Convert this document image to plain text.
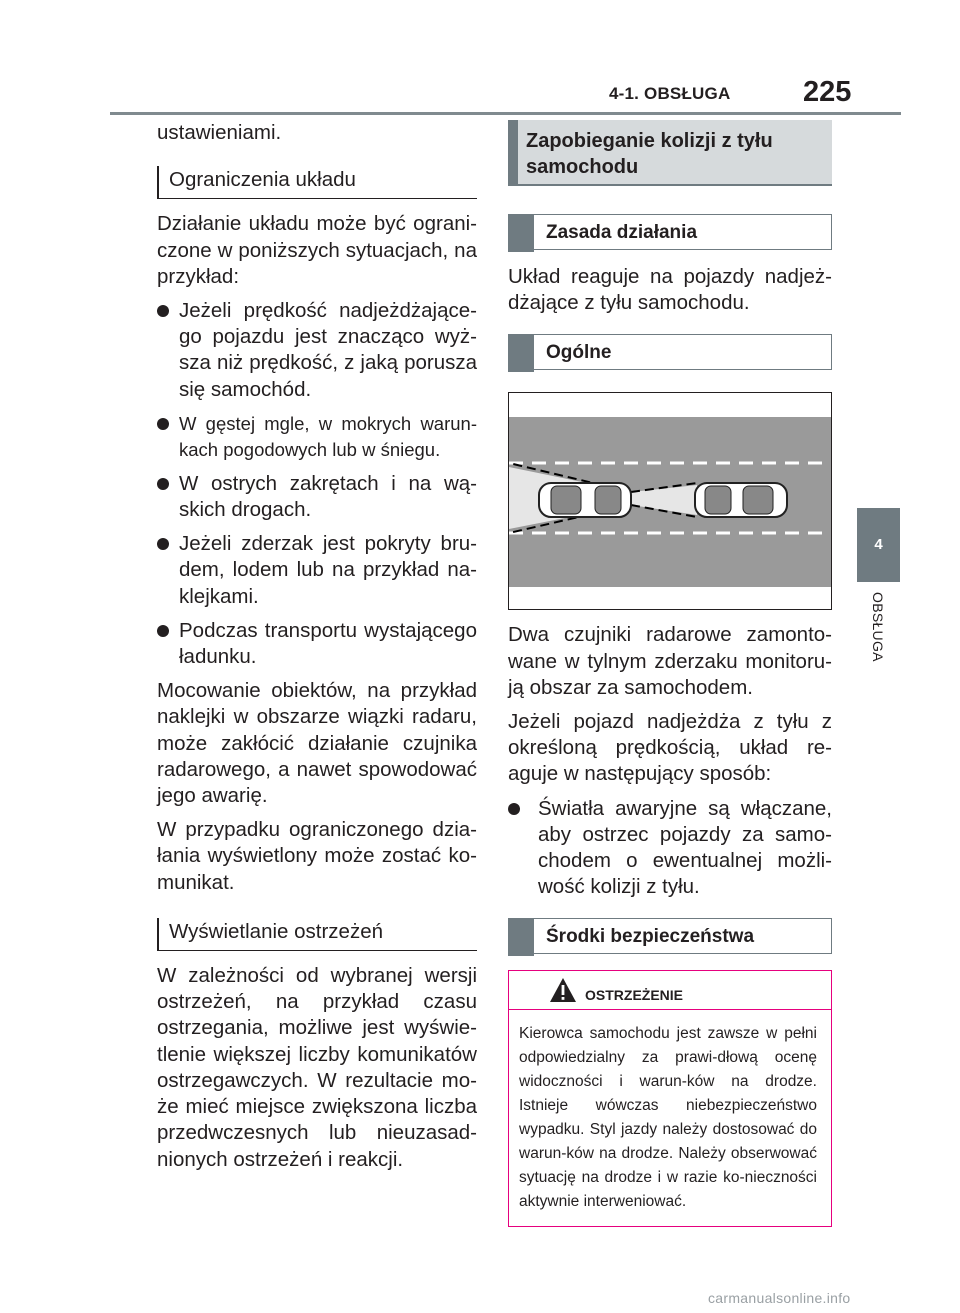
4-1. OBSŁUGA	225
4
OBSŁUGA

ustawieniami.

Ograniczenia układu

Działanie układu może być ograni-czone w poniższych sytuacjach, na przykład:

Jeżeli prędkość nadjeżdżające-go pojazdu jest znacząco wyż-sza niż prędkość, z jaką porusza się samochód.
W gęstej mgle, w mokrych warun-kach pogodowych lub w śniegu.
W ostrych zakrętach i na wą-skich drogach.
Jeżeli zderzak jest pokryty bru-dem, lodem lub na przykład na-klejkami.
Podczas transportu wystającego ładunku.

Mocowanie obiektów, na przykład naklejki w obszarze wiązki radaru, może zakłócić działanie czujnika radarowego, a nawet spowodować jego awarię.

W przypadku ograniczonego dzia-łania wyświetlony może zostać ko-munikat.

Wyświetlanie ostrzeżeń

W zależności od wybranej wersji ostrzeżeń, na przykład czasu ostrzegania, możliwe jest wyświe-tlenie większej liczby komunikatów ostrzegawczych. W rezultacie mo-że mieć miejsce zwiększona liczba przedwczesnych lub nieuzasad-nionych ostrzeżeń i reakcji.

Zapobieganie kolizji z tyłu samochodu
Zasada działania

Układ reaguje na pojazdy nadjeż-dżające z tyłu samochodu.

Ogólne

Dwa czujniki radarowe zamonto-wane w tylnym zderzaku monitoru-ją obszar za samochodem.

Jeżeli pojazd nadjeżdża z tyłu z określoną prędkością, układ re-aguje w następujący sposób:

Światła awaryjne są włączane, aby ostrzec pojazdy za samo-chodem o ewentualnej możli-wość kolizji z tyłu.
Środki bezpieczeństwa
OSTRZEŻENIE
Kierowca samochodu jest zawsze w pełni odpowiedzialny za prawi-dłową ocenę widoczności i warun-ków na drodze. Istnieje wówczas niebezpieczeństwo wypadku. Styl jazdy należy dostosować do warun-ków na drodze. Należy obserwować sytuację na drodze i w razie ko-nieczności aktywnie interweniować.
carmanualsonline.info
